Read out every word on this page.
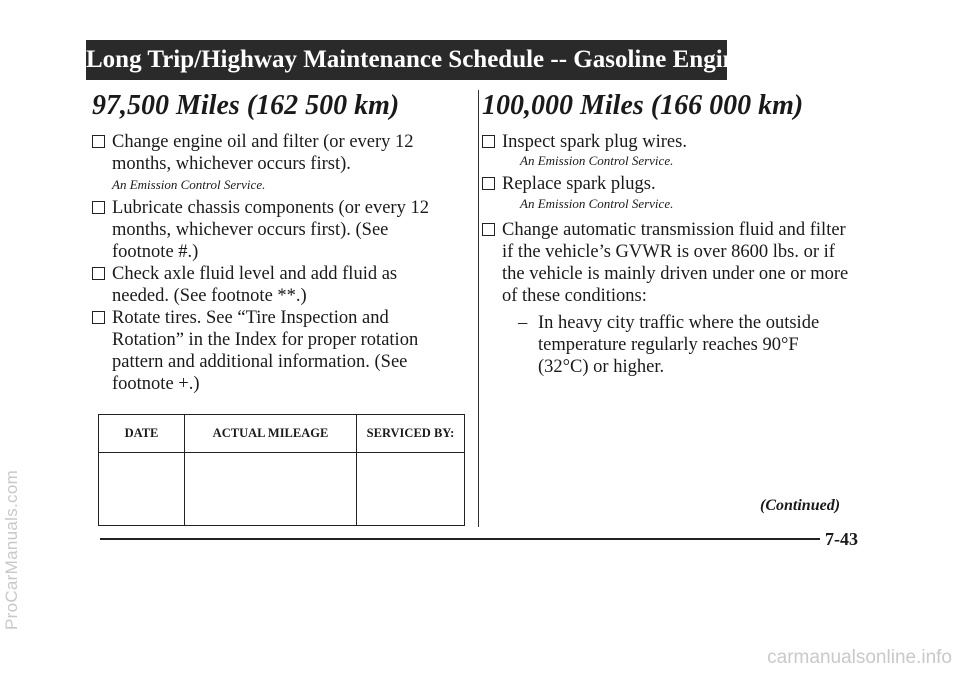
Long Trip/Highway Maintenance Schedule -- Gasoline Engines
97,500 Miles (162 500 km)
Change engine oil and filter (or every 12 months, whichever occurs first).
An Emission Control Service.
Lubricate chassis components (or every 12 months, whichever occurs first). (See footnote #.)
Check axle fluid level and add fluid as needed. (See footnote **.)
Rotate tires. See “Tire Inspection and Rotation” in the Index for proper rotation pattern and additional information. (See footnote +.)
DATE	ACTUAL MILEAGE	SERVICED BY:

100,000 Miles (166 000 km)
Inspect spark plug wires.
An Emission Control Service.
Replace spark plugs.
An Emission Control Service.
Change automatic transmission fluid and filter if the vehicle’s GVWR is over 8600 lbs. or if the vehicle is mainly driven under one or more of these conditions:
– In heavy city traffic where the outside temperature regularly reaches 90°F (32°C) or higher.
(Continued)
7-43
ProCarManuals.com
carmanualsonline.info
